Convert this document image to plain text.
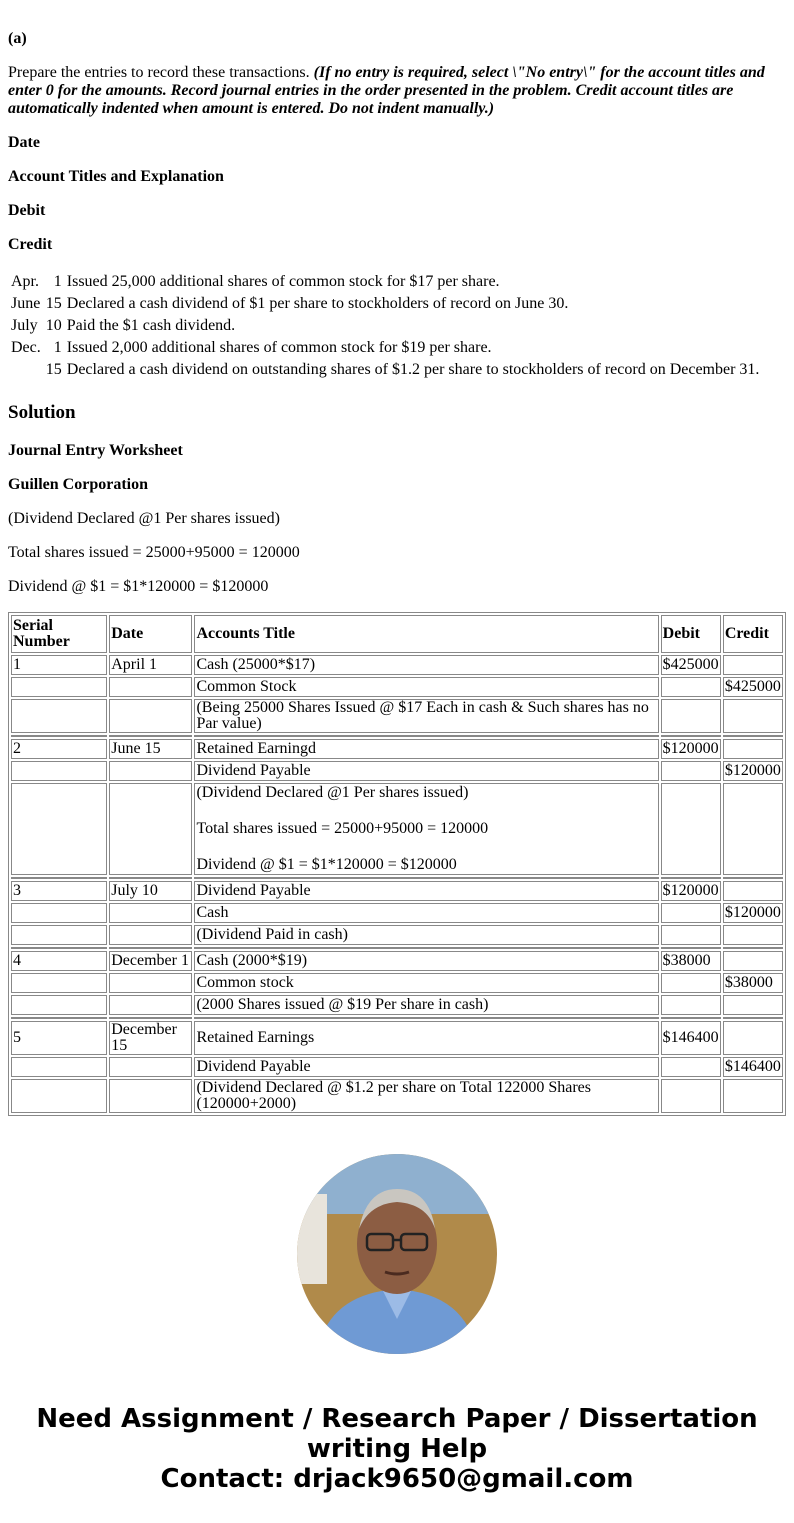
(a)

Prepare the entries to record these transactions. (If no entry is required, select \"No entry\" for the account titles and enter 0 for the amounts. Record journal entries in the order presented in the problem. Credit account titles are automatically indented when amount is entered. Do not indent manually.)

Date

Account Titles and Explanation

Debit

Credit

Apr.	1	Issued 25,000 additional shares of common stock for $17 per share.
June	15	Declared a cash dividend of $1 per share to stockholders of record on June 30.
July	10	Paid the $1 cash dividend.
Dec.	1	Issued 2,000 additional shares of common stock for $19 per share.
	15	Declared a cash dividend on outstanding shares of $1.2 per share to stockholders of record on December 31.
Solution

Journal Entry Worksheet

Guillen Corporation

(Dividend Declared @1 Per shares issued)

Total shares issued = 25000+95000 = 120000

Dividend @ $1 = $1*120000 = $120000

Serial Number	Date	Accounts Title	Debit	Credit
1	April 1	Cash (25000*$17)	$425000	
		Common Stock		$425000
		(Being 25000 Shares Issued @ $17 Each in cash & Such shares has no Par value)		

2	June 15	Retained Earningd	$120000	
		Dividend Payable		$120000

		(Dividend Declared @1 Per shares issued)

Total shares issued = 25000+95000 = 120000

Dividend @ $1 = $1*120000 = $120000		

3	July 10	Dividend Payable	$120000	
		Cash		$120000
		(Dividend Paid in cash)		

4	December 1	Cash (2000*$19)	$38000	
		Common stock		$38000
		(2000 Shares issued @ $19 Per share in cash)		

5	December 15	Retained Earnings	$146400	
		Dividend Payable		$146400
		(Dividend Declared @ $1.2 per share on Total 122000 Shares (120000+2000)		
Need Assignment / Research Paper / Dissertation writing Help
Contact: drjack9650@gmail.com
